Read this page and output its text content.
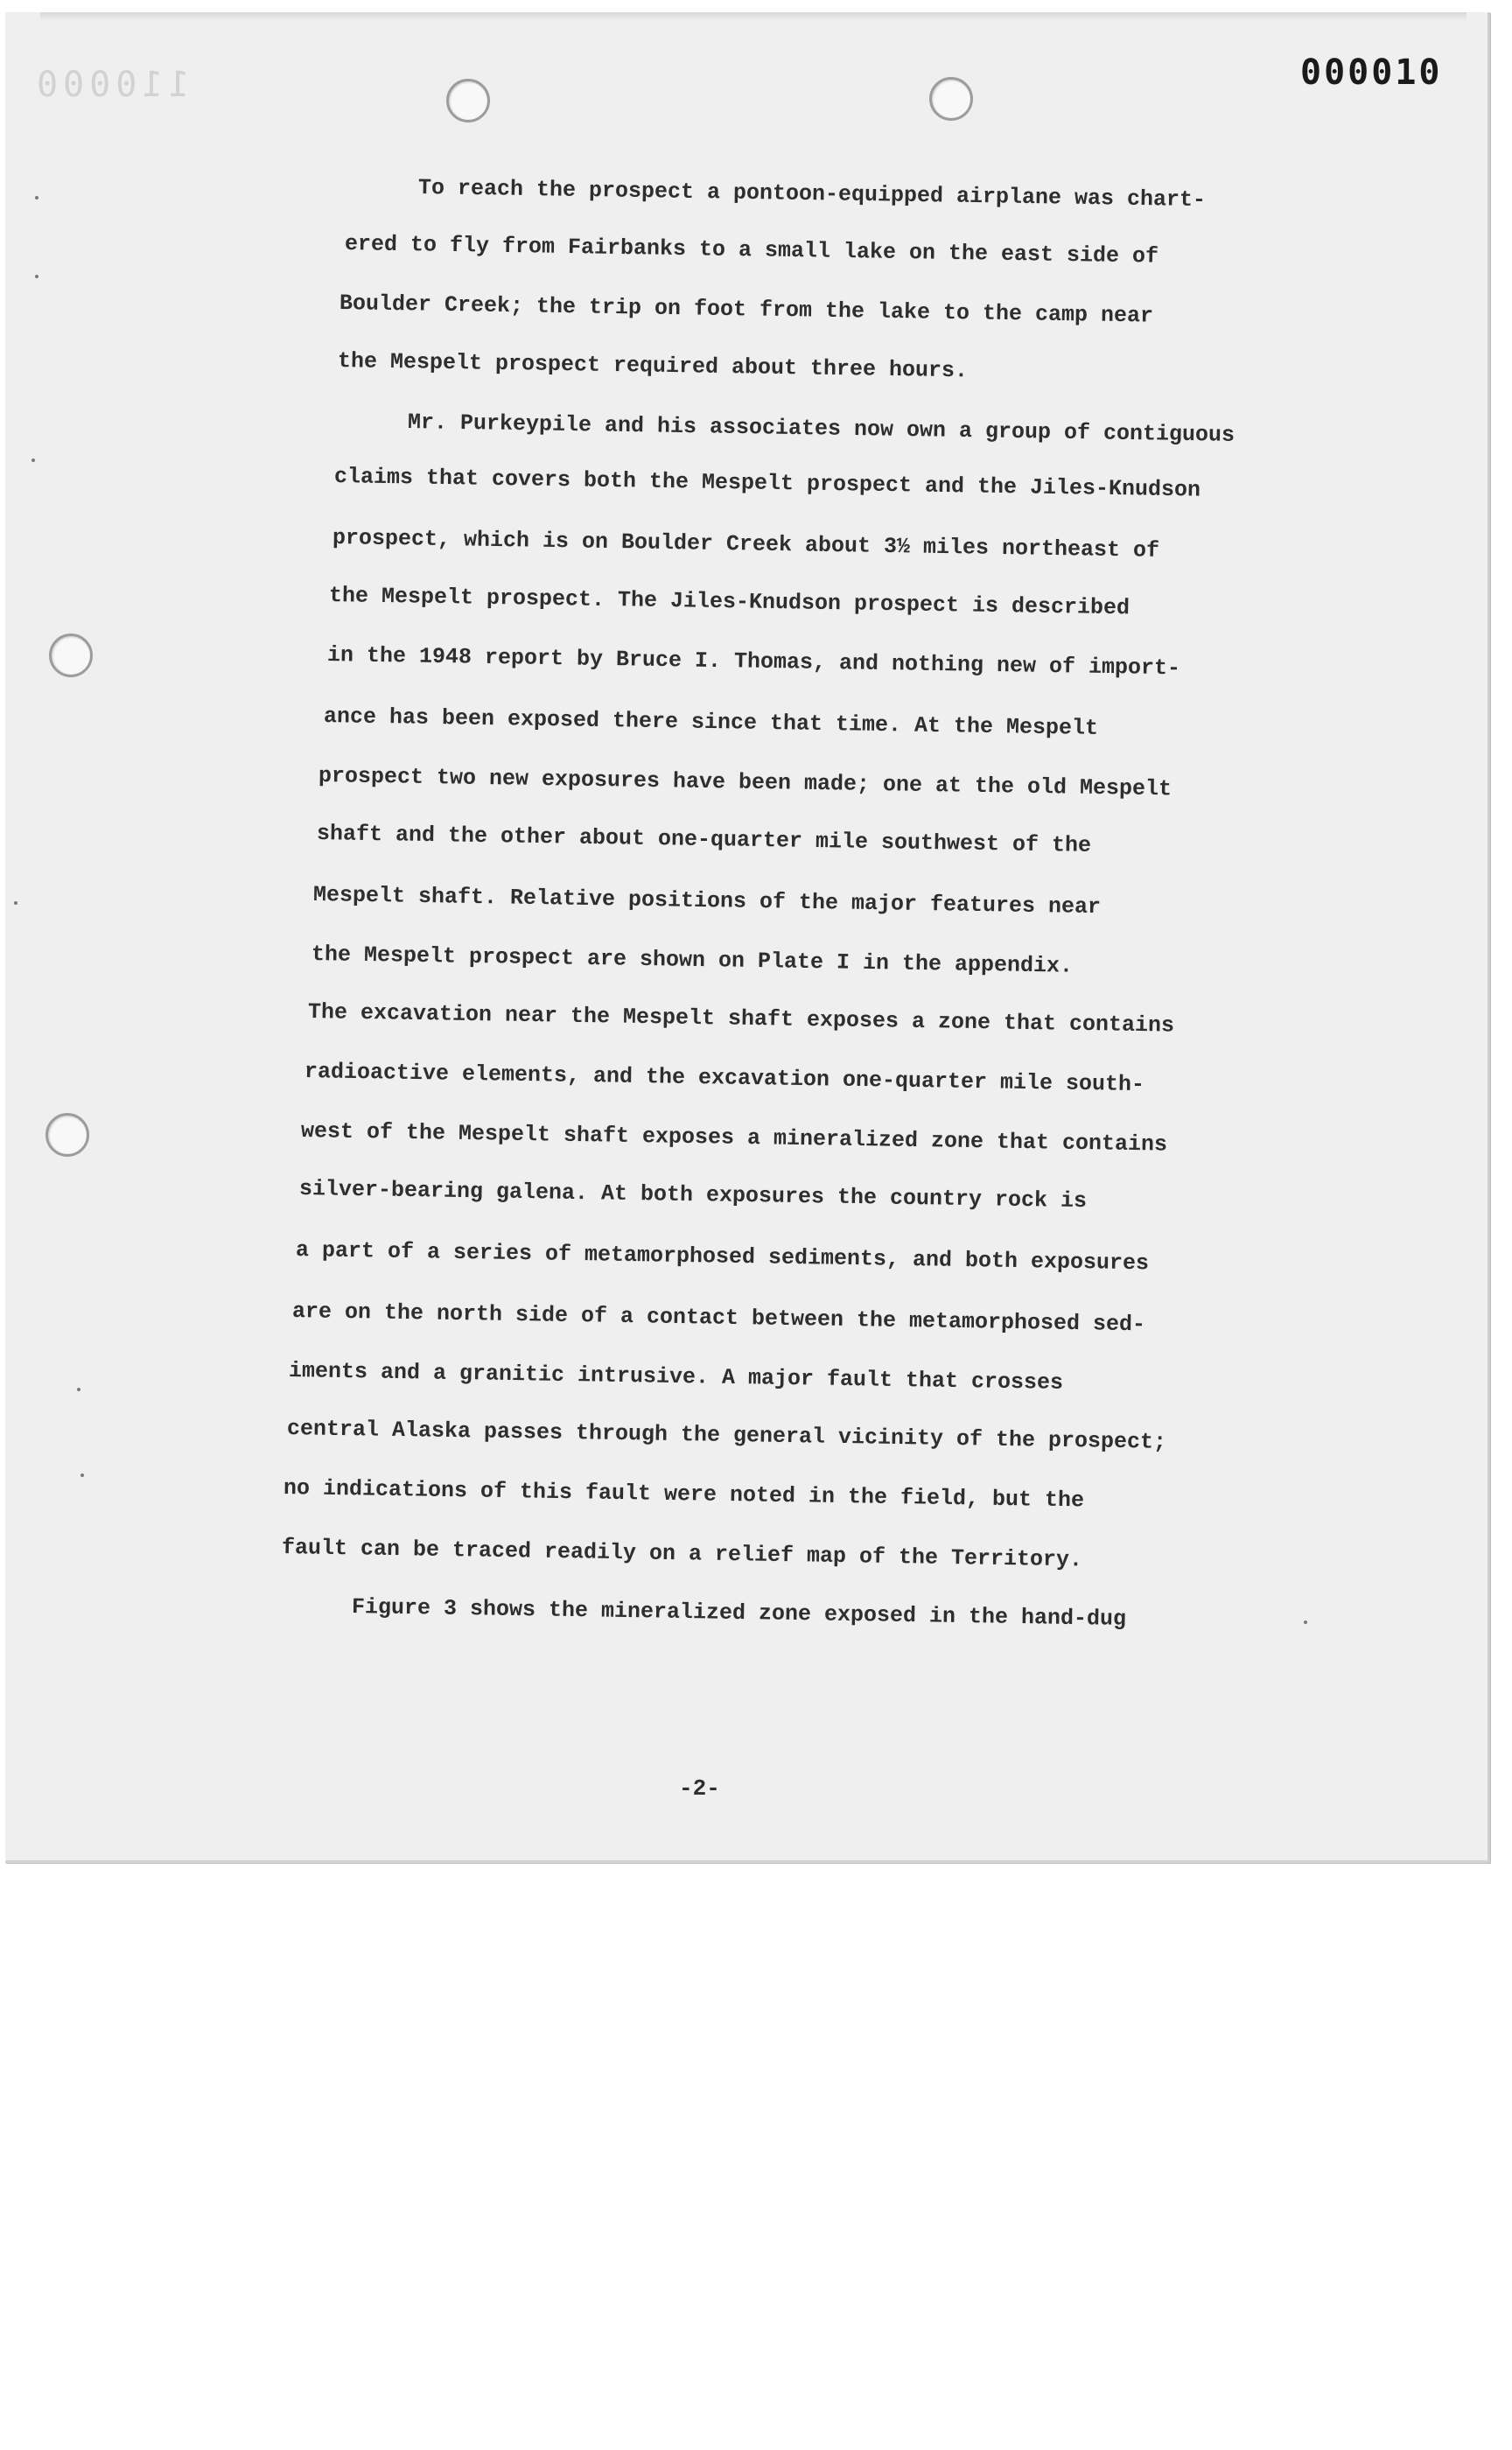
110000	000010
To reach the prospect a pontoon-equipped airplane was chart-
ered to fly from Fairbanks to a small lake on the east side of
Boulder Creek; the trip on foot from the lake to the camp near
the Mespelt prospect required about three hours.
Mr. Purkeypile and his associates now own a group of contiguous
claims that covers both the Mespelt prospect and the Jiles-Knudson
prospect, which is on Boulder Creek about 3½ miles northeast of
the Mespelt prospect. The Jiles-Knudson prospect is described
in the 1948 report by Bruce I. Thomas, and nothing new of import-
ance has been exposed there since that time. At the Mespelt
prospect two new exposures have been made; one at the old Mespelt
shaft and the other about one-quarter mile southwest of the
Mespelt shaft. Relative positions of the major features near
the Mespelt prospect are shown on Plate I in the appendix.
The excavation near the Mespelt shaft exposes a zone that contains
radioactive elements, and the excavation one-quarter mile south-
west of the Mespelt shaft exposes a mineralized zone that contains
silver-bearing galena. At both exposures the country rock is
a part of a series of metamorphosed sediments, and both exposures
are on the north side of a contact between the metamorphosed sed-
iments and a granitic intrusive. A major fault that crosses
central Alaska passes through the general vicinity of the prospect;
no indications of this fault were noted in the field, but the
fault can be traced readily on a relief map of the Territory.
Figure 3 shows the mineralized zone exposed in the hand-dug
-2-
